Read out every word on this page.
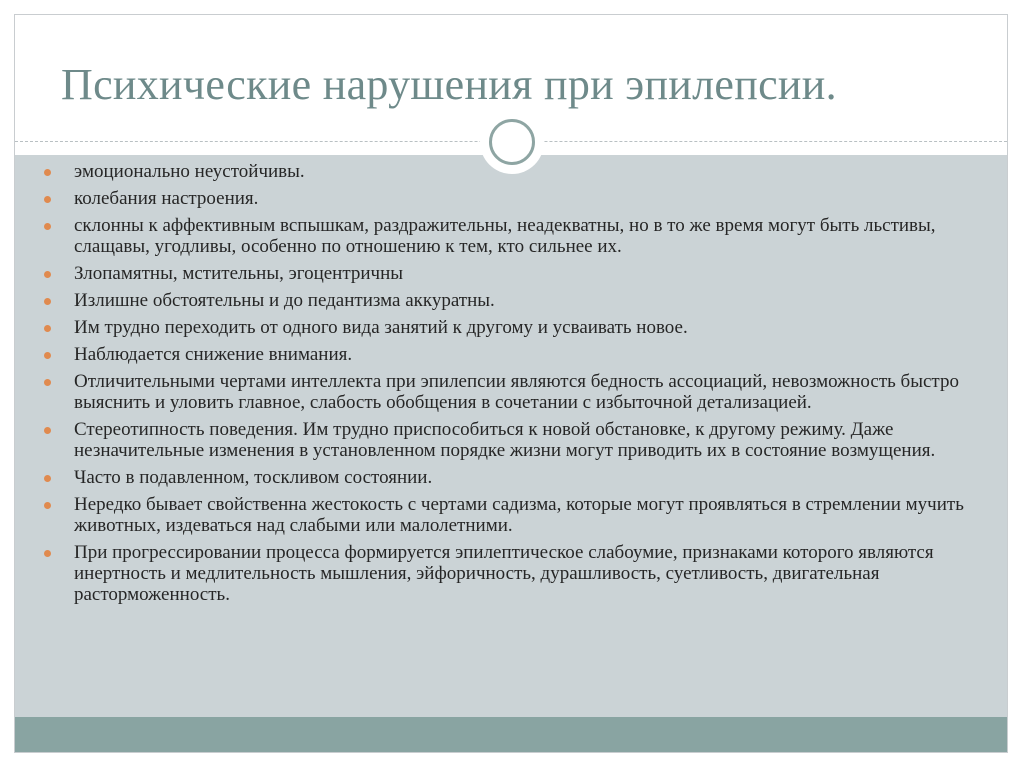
Психические нарушения при эпилепсии.
эмоционально неустойчивы.
колебания настроения.
склонны к аффективным вспышкам, раздражительны, неадекватны, но в то же время могут быть льстивы, слащавы, угодливы, особенно по отношению к тем, кто сильнее их.
Злопамятны, мстительны, эгоцентричны
Излишне обстоятельны и до педантизма аккуратны.
Им трудно переходить от одного вида занятий к другому и усваивать новое.
Наблюдается снижение внимания.
Отличительными чертами интеллекта при эпилепсии являются бедность ассоциаций, невозможность быстро выяснить и уловить главное, слабость обобщения в сочетании с избыточной детализацией.
Стереотипность поведения. Им трудно приспособиться к новой обстановке, к другому режиму. Даже незначительные изменения в установленном порядке жизни могут приводить их в состояние возмущения.
Часто в подавленном, тоскливом состоянии.
Нередко бывает свойственна жестокость с чертами садизма, которые могут проявляться в стремлении мучить животных, издеваться над слабыми или малолетними.
При прогрессировании процесса формируется эпилептическое слабоумие, признаками которого являются инертность и медлительность мышления, эйфоричность, дурашливость, суетливость, двигательная расторможенность.
